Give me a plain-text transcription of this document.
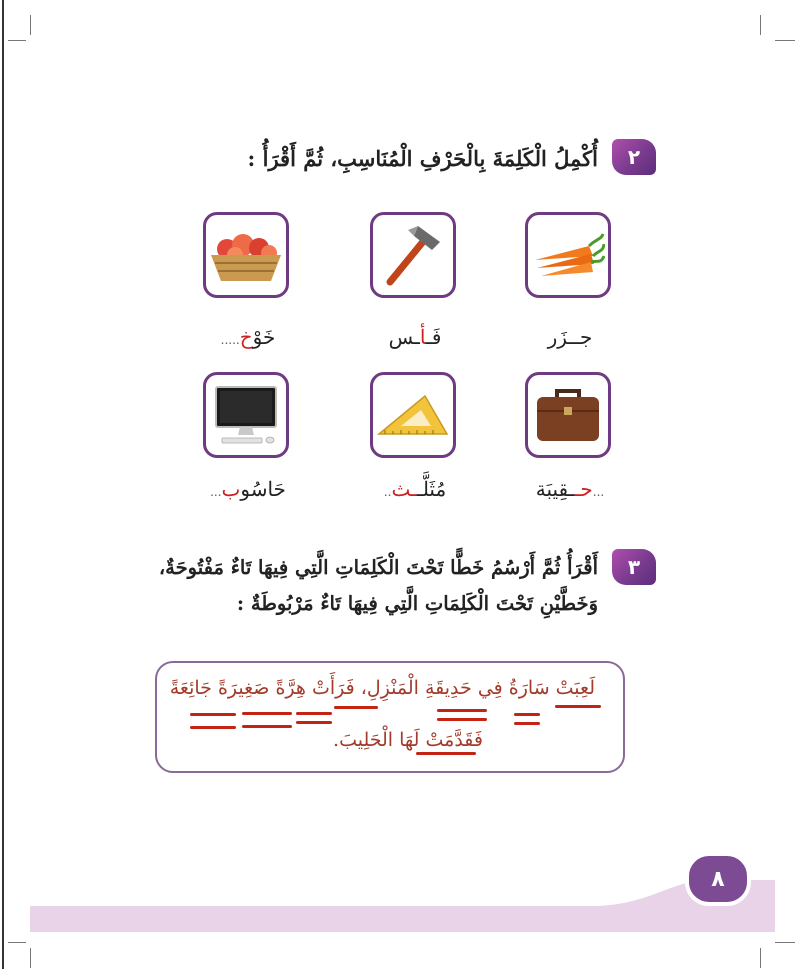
٢
أُكْمِلُ الْكَلِمَةَ بِالْحَرْفِ الْمُنَاسِبِ، ثُمَّ أَقْرَأُ :
جــزَر
فَـأـس
خَوْخ.....
...حــقِيبَة
مُثَلَّــث..
حَاسُوب...
٣
أَقْرَأُ ثُمَّ أَرْسُمُ خَطًّا تَحْتَ الْكَلِمَاتِ الَّتِي فِيهَا تَاءٌ مَفْتُوحَةٌ،
وَخَطَّيْنِ تَحْتَ الْكَلِمَاتِ الَّتِي فِيهَا تَاءٌ مَرْبُوطَةٌ :
لَعِبَتْ سَارَةُ فِي حَدِيقَةِ الْمَنْزِلِ، فَرَأَتْ هِرَّةً صَغِيرَةً جَائِعَةً
فَقَدَّمَتْ لَهَا الْحَلِيبَ.
٨
